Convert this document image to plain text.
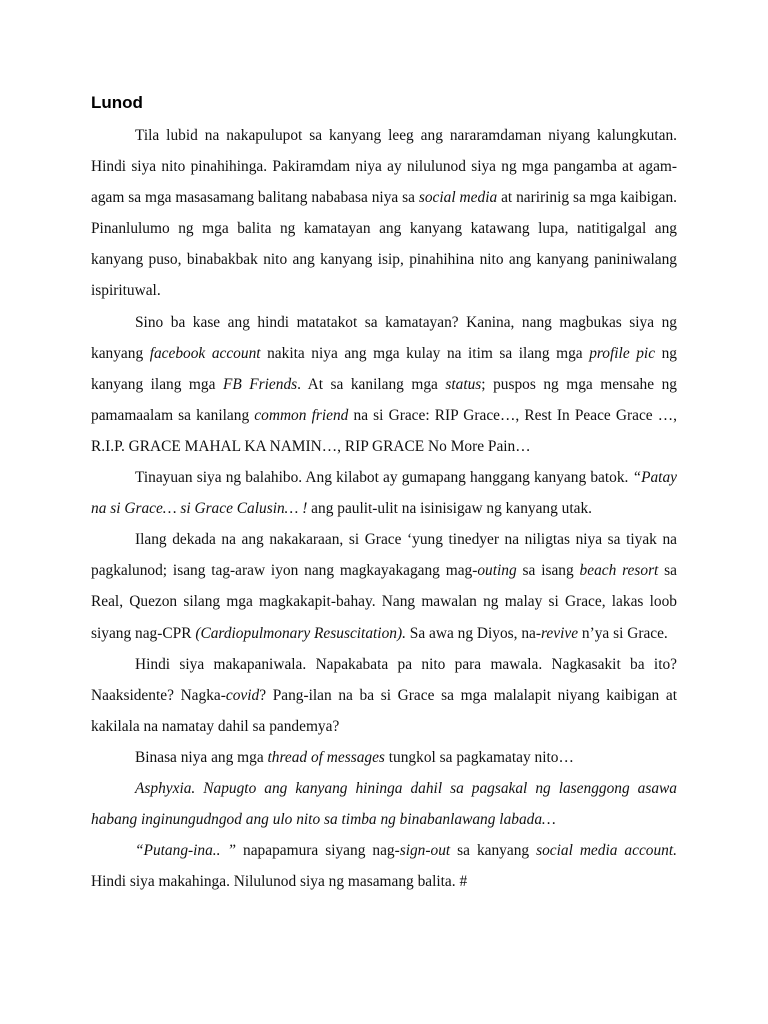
Lunod

Tila lubid na nakapulupot sa kanyang leeg ang nararamdaman niyang kalungkutan. Hindi siya nito pinahihinga. Pakiramdam niya ay nilulunod siya ng mga pangamba at agam-agam sa mga masasamang balitang nababasa niya sa social media at naririnig sa mga kaibigan. Pinanlulumo ng mga balita ng kamatayan ang kanyang katawang lupa, natitigalgal ang kanyang puso, binabakbak nito ang kanyang isip, pinahihina nito ang kanyang paniniwalang ispirituwal.

Sino ba kase ang hindi matatakot sa kamatayan? Kanina, nang magbukas siya ng kanyang facebook account nakita niya ang mga kulay na itim sa ilang mga profile pic ng kanyang ilang mga FB Friends. At sa kanilang mga status; puspos ng mga mensahe ng pamamaalam sa kanilang common friend na si Grace: RIP Grace…, Rest In Peace Grace …, R.I.P. GRACE MAHAL KA NAMIN…, RIP GRACE No More Pain…

Tinayuan siya ng balahibo. Ang kilabot ay gumapang hanggang kanyang batok. “Patay na si Grace… si Grace Calusin… ! ang paulit-ulit na isinisigaw ng kanyang utak.

Ilang dekada na ang nakakaraan, si Grace ‘yung tinedyer na niligtas niya sa tiyak na pagkalunod; isang tag-araw iyon nang magkayakagang mag-outing sa isang beach resort sa Real, Quezon silang mga magkakapit-bahay. Nang mawalan ng malay si Grace, lakas loob siyang nag-CPR (Cardiopulmonary Resuscitation). Sa awa ng Diyos, na-revive n’ya si Grace.

Hindi siya makapaniwala. Napakabata pa nito para mawala. Nagkasakit ba ito? Naaksidente? Nagka-covid? Pang-ilan na ba si Grace sa mga malalapit niyang kaibigan at kakilala na namatay dahil sa pandemya?

Binasa niya ang mga thread of messages tungkol sa pagkamatay nito…

Asphyxia. Napugto ang kanyang hininga dahil sa pagsakal ng lasenggong asawa habang inginungudngod ang ulo nito sa timba ng binabanlawang labada…

“Putang-ina.. ” napapamura siyang nag-sign-out sa kanyang social media account. Hindi siya makahinga. Nilulunod siya ng masamang balita. #
